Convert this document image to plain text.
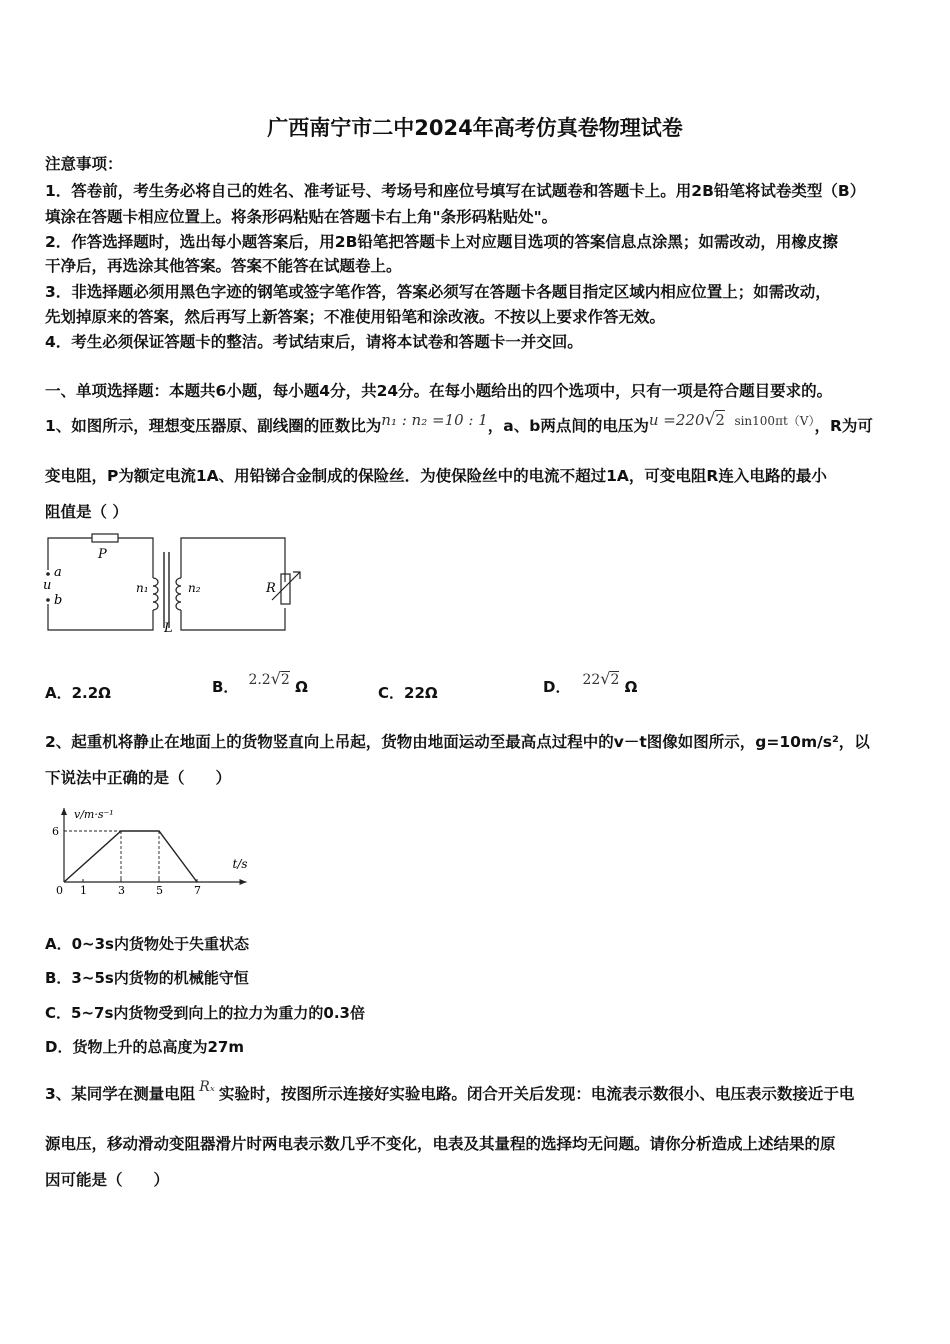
广西南宁市二中2024年高考仿真卷物理试卷
注意事项：
1．答卷前，考生务必将自己的姓名、准考证号、考场号和座位号填写在试题卷和答题卡上。用2B铅笔将试卷类型（B）
填涂在答题卡相应位置上。将条形码粘贴在答题卡右上角"条形码粘贴处"。
2．作答选择题时，选出每小题答案后，用2B铅笔把答题卡上对应题目选项的答案信息点涂黑；如需改动，用橡皮擦
干净后，再选涂其他答案。答案不能答在试题卷上。
3．非选择题必须用黑色字迹的钢笔或签字笔作答，答案必须写在答题卡各题目指定区域内相应位置上；如需改动，
先划掉原来的答案，然后再写上新答案；不准使用铅笔和涂改液。不按以上要求作答无效。
4．考生必须保证答题卡的整洁。考试结束后，请将本试卷和答题卡一并交回。
一、单项选择题：本题共6小题，每小题4分，共24分。在每小题给出的四个选项中，只有一项是符合题目要求的。
1、如图所示，理想变压器原、副线圈的匝数比为n₁ : n₂ =10 : 1，a、b两点间的电压为u =220√2 sin100πt（V），R为可
变电阻，P为额定电流1A、用铅锑合金制成的保险丝．为使保险丝中的电流不超过1A，可变电阻R连入电路的最小
阻值是（ ）
P
a
u
b
n₁	n₂
L
R
A．2.2Ω	B． 2.2√2 Ω	C．22Ω	D． 22√2 Ω
2、起重机将静止在地面上的货物竖直向上吊起，货物由地面运动至最高点过程中的v－t图像如图所示，g=10m/s²，以
下说法中正确的是（　　）
v/m·s⁻¹
t/s
0 1	3	5	7
6
A．0~3s内货物处于失重状态
B．3~5s内货物的机械能守恒
C．5~7s内货物受到向上的拉力为重力的0.3倍
D．货物上升的总高度为27m
3、某同学在测量电阻 Rₓ 实验时，按图所示连接好实验电路。闭合开关后发现：电流表示数很小、电压表示数接近于电
源电压，移动滑动变阻器滑片时两电表示数几乎不变化，电表及其量程的选择均无问题。请你分析造成上述结果的原
因可能是（　　）
